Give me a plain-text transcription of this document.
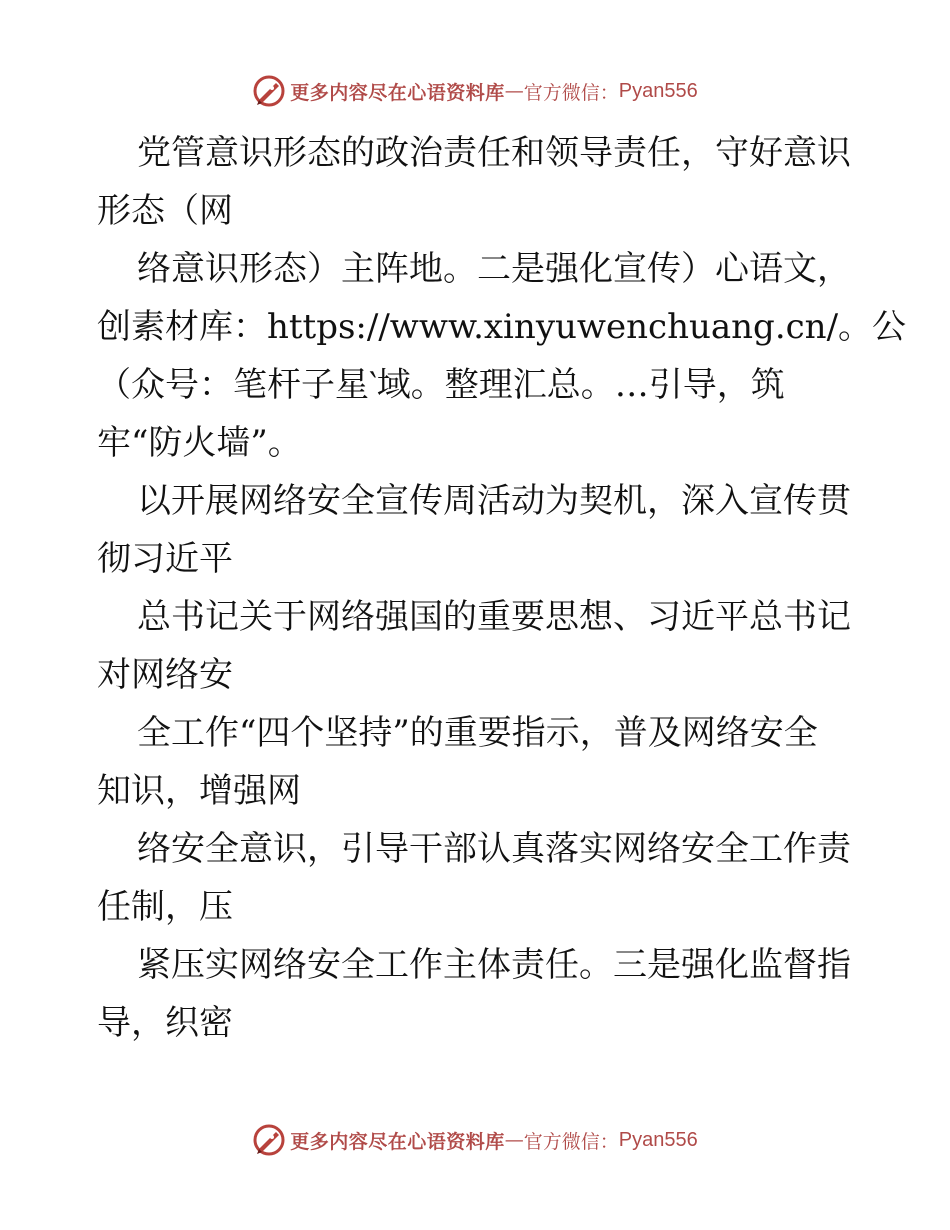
更多内容尽在心语资料库 — 官方微信： Pyan556
党管意识形态的政治责任和领导责任，守好意识
形态（网
络意识形态）主阵地。二是强化宣传）心语文，
创素材库：https://www.xinyuwenchuang.cn/。公
（众号：笔杆子星‵域。整理汇总。…引导，筑
牢“防火墙”。
以开展网络安全宣传周活动为契机，深入宣传贯
彻习近平
总书记关于网络强国的重要思想、习近平总书记
对网络安
全工作“四个坚持”的重要指示，普及网络安全
知识，增强网
络安全意识，引导干部认真落实网络安全工作责
任制，压
紧压实网络安全工作主体责任。三是强化监督指
导，织密
更多内容尽在心语资料库 — 官方微信： Pyan556
